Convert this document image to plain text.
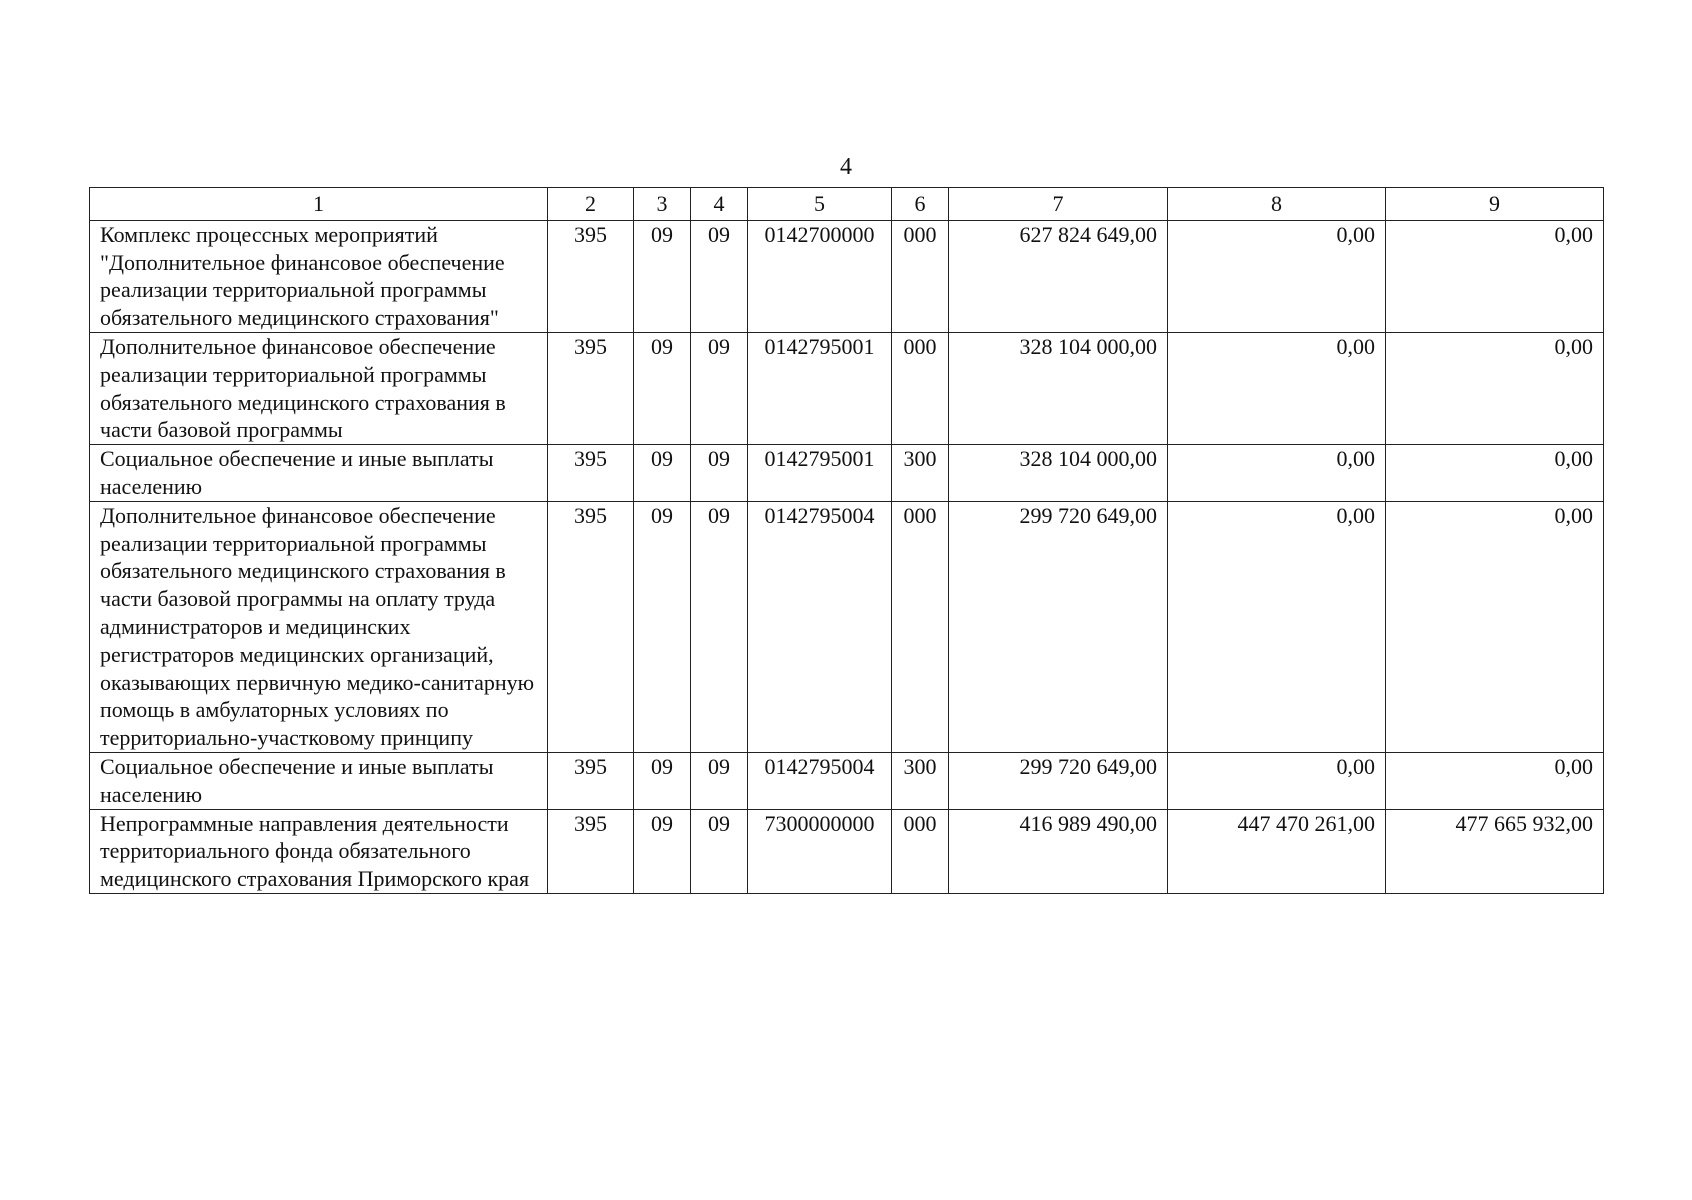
4
1	2	3	4	5	6	7	8	9
Комплекс процессных мероприятий "Дополнительное финансовое обеспечение реализации территориальной программы обязательного медицинского страхования"	395	09	09	0142700000	000	627 824 649,00	0,00	0,00
Дополнительное финансовое обеспечение реализации территориальной программы обязательного медицинского страхования в части базовой программы	395	09	09	0142795001	000	328 104 000,00	0,00	0,00
Социальное обеспечение и иные выплаты населению	395	09	09	0142795001	300	328 104 000,00	0,00	0,00
Дополнительное финансовое обеспечение реализации территориальной программы обязательного медицинского страхования в части базовой программы на оплату труда администраторов и медицинских регистраторов медицинских организаций, оказывающих первичную медико-санитарную помощь в амбулаторных условиях по территориально-участковому принципу	395	09	09	0142795004	000	299 720 649,00	0,00	0,00
Социальное обеспечение и иные выплаты населению	395	09	09	0142795004	300	299 720 649,00	0,00	0,00
Непрограммные направления деятельности территориального фонда обязательного медицинского страхования Приморского края	395	09	09	7300000000	000	416 989 490,00	447 470 261,00	477 665 932,00
